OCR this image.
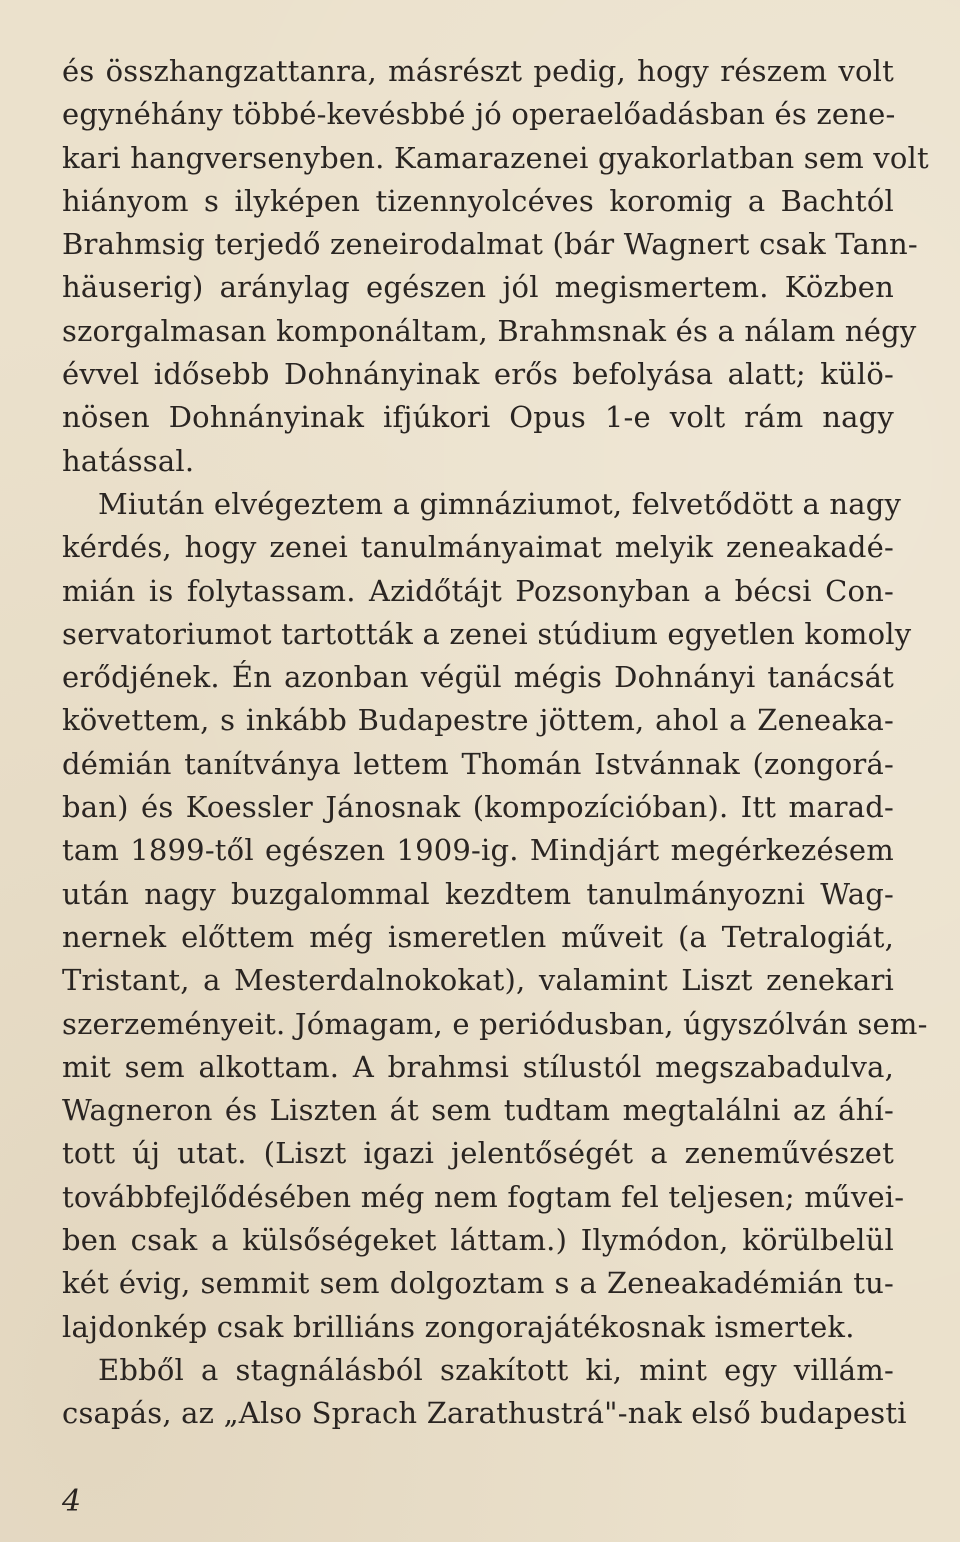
és összhangzattanra, másrészt pedig, hogy részem volt
egynéhány többé-kevésbbé jó operaelőadásban és zene-
kari hangversenyben. Kamarazenei gyakorlatban sem volt
hiányom s ilyképen tizennyolcéves koromig a Bachtól
Brahmsig terjedő zeneirodalmat (bár Wagnert csak Tann-
häuserig) aránylag egészen jól megismertem. Közben
szorgalmasan komponáltam, Brahmsnak és a nálam négy
évvel idősebb Dohnányinak erős befolyása alatt; külö-
nösen Dohnányinak ifjúkori Opus 1-e volt rám nagy
hatással.
Miután elvégeztem a gimnáziumot, felvetődött a nagy
kérdés, hogy zenei tanulmányaimat melyik zeneakadé-
mián is folytassam. Azidőtájt Pozsonyban a bécsi Con-
servatoriumot tartották a zenei stúdium egyetlen komoly
erődjének. Én azonban végül mégis Dohnányi tanácsát
követtem, s inkább Budapestre jöttem, ahol a Zeneaka-
démián tanítványa lettem Thomán Istvánnak (zongorá-
ban) és Koessler Jánosnak (kompozícióban). Itt marad-
tam 1899-től egészen 1909-ig. Mindjárt megérkezésem
után nagy buzgalommal kezdtem tanulmányozni Wag-
nernek előttem még ismeretlen műveit (a Tetralogiát,
Tristant, a Mesterdalnokokat), valamint Liszt zenekari
szerzeményeit. Jómagam, e periódusban, úgyszólván sem-
mit sem alkottam. A brahmsi stílustól megszabadulva,
Wagneron és Liszten át sem tudtam megtalálni az áhí-
tott új utat. (Liszt igazi jelentőségét a zeneművészet
továbbfejlődésében még nem fogtam fel teljesen; művei-
ben csak a külsőségeket láttam.) Ilymódon, körülbelül
két évig, semmit sem dolgoztam s a Zeneakadémián tu-
lajdonkép csak brilliáns zongorajátékosnak ismertek.
Ebből a stagnálásból szakított ki, mint egy villám-
csapás, az „Also Sprach Zarathustrá"-nak első budapesti
4
